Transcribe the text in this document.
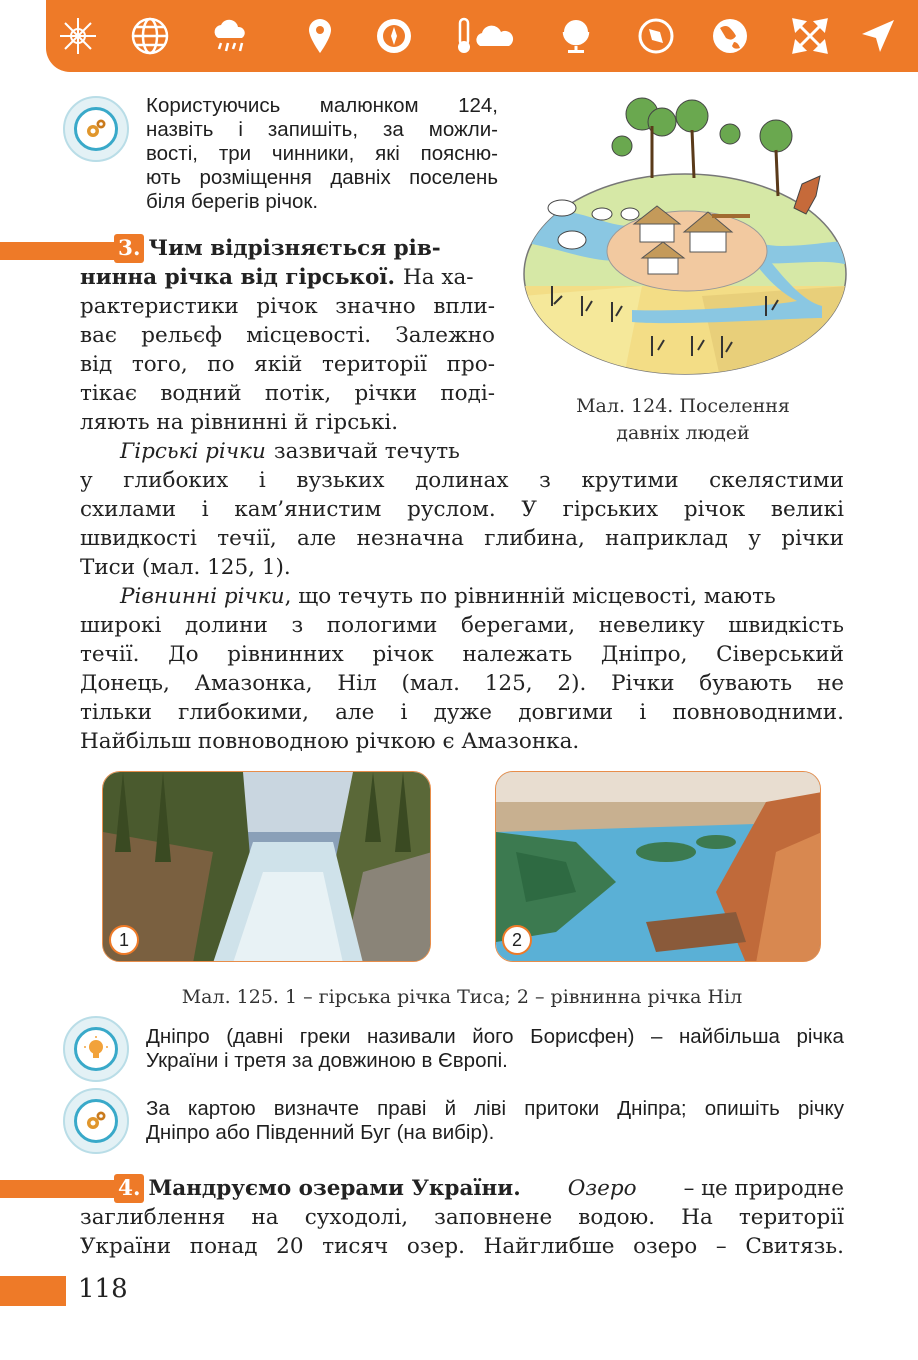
Користуючись малюнком 124,
назвіть і запишіть, за можли-
вості, три чинники, які поясню-
ють розміщення давніх поселень
біля берегів річок.
Мал. 124. Поселення
давніх людей
3. Чим відрізняється рів-
нинна річка від гірської. На ха-
рактеристики річок значно впли-
ває рельєф місцевості. Залежно
від того, по якій території про-
тікає водний потік, річки поді-
ляють на рівнинні й гірські.
Гірські річки зазвичай течуть
у глибоких і вузьких долинах з крутими скелястими
схилами і кам’янистим руслом. У гірських річок великі
швидкості течії, але незначна глибина, наприклад у річки
Тиси (мал. 125, 1).
Рівнинні річки , що течуть по рівнинній місцевості, мають
широкі долини з пологими берегами, невелику швидкість
течії. До рівнинних річок належать Дніпро, Сіверський
Донець, Амазонка, Ніл (мал. 125, 2). Річки бувають не
тільки глибокими, але і дуже довгими і повноводними.
Найбільш повноводною річкою є Амазонка.
1	2
Мал. 125. 1 – гірська річка Тиса; 2 – рівнинна річка Ніл
Дніпро (давні греки називали його Борисфен) – найбільша річка
України і третя за довжиною в Європі.
За картою визначте праві й ліві притоки Дніпра; опишіть річку
Дніпро або Південний Буг (на вибір).
4. Мандруємо озерами України. Озеро – це природне
заглиблення на суходолі, заповнене водою. На території
України понад 20 тисяч озер. Найглибше озеро – Свитязь.
118
